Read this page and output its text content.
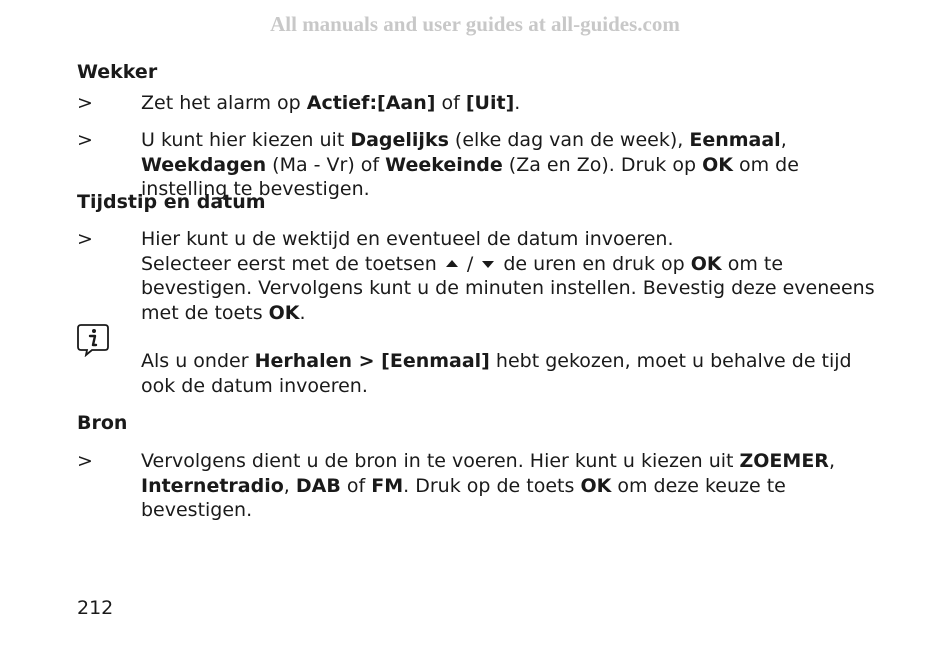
All manuals and user guides at all-guides.com
Wekker
>	Zet het alarm op Actief:[Aan] of [Uit].
>	U kunt hier kiezen uit Dagelijks (elke dag van de week), Eenmaal, Weekdagen (Ma - Vr) of Weekeinde (Za en Zo). Druk op OK om de instelling te bevestigen.
Tijdstip en datum
>	Hier kunt u de wektijd en eventueel de datum invoeren.
Selecteer eerst met de toetsen  /  de uren en druk op OK om te bevestigen. Vervolgens kunt u de minuten instellen. Bevestig deze eveneens met de toets OK.
Als u onder Herhalen > [Eenmaal] hebt gekozen, moet u behalve de tijd ook de datum invoeren.
Bron
>	Vervolgens dient u de bron in te voeren. Hier kunt u kiezen uit ZOEMER, Internetradio, DAB of FM. Druk op de toets OK om deze keuze te bevestigen.
212
